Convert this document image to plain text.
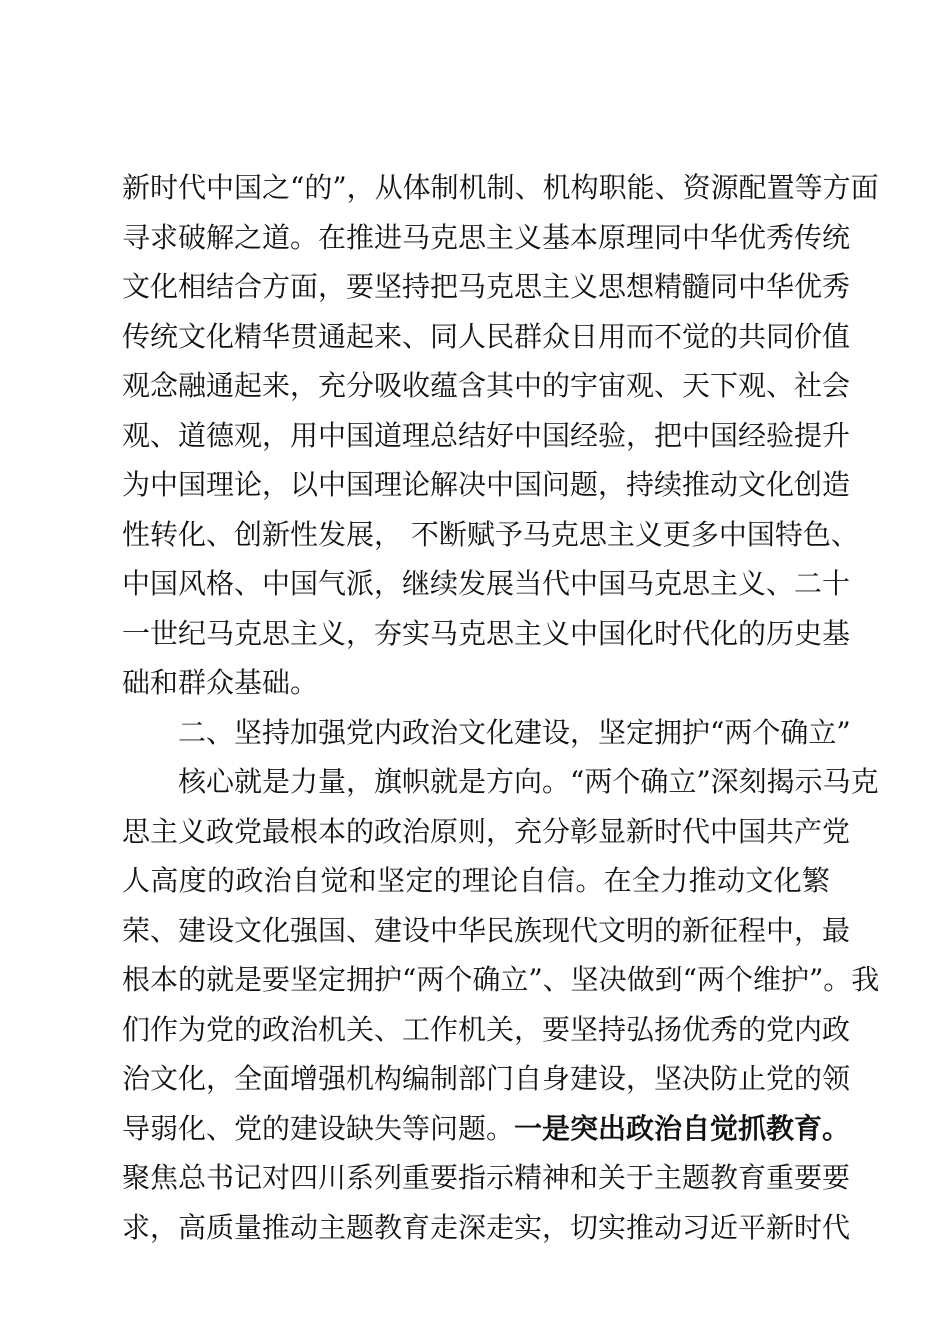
新时代中国之“的”，从体制机制、机构职能、资源配置等方面
寻求破解之道。在推进马克思主义基本原理同中华优秀传统
文化相结合方面，要坚持把马克思主义思想精髓同中华优秀
传统文化精华贯通起来、同人民群众日用而不觉的共同价值
观念融通起来，充分吸收蕴含其中的宇宙观、天下观、社会
观、道德观，用中国道理总结好中国经验，把中国经验提升
为中国理论，以中国理论解决中国问题，持续推动文化创造
性转化、创新性发展， 不断赋予马克思主义更多中国特色、
中国风格、中国气派，继续发展当代中国马克思主义、二十
一世纪马克思主义，夯实马克思主义中国化时代化的历史基
础和群众基础。
二、坚持加强党内政治文化建设，坚定拥护“两个确立”
核心就是力量，旗帜就是方向。“两个确立”深刻揭示马克
思主义政党最根本的政治原则，充分彰显新时代中国共产党
人高度的政治自觉和坚定的理论自信。在全力推动文化繁
荣、建设文化强国、建设中华民族现代文明的新征程中，最
根本的就是要坚定拥护“两个确立”、坚决做到“两个维护”。我
们作为党的政治机关、工作机关，要坚持弘扬优秀的党内政
治文化，全面增强机构编制部门自身建设，坚决防止党的领
导弱化、党的建设缺失等问题。一是突出政治自觉抓教育。
聚焦总书记对四川系列重要指示精神和关于主题教育重要要
求，高质量推动主题教育走深走实，切实推动习近平新时代
